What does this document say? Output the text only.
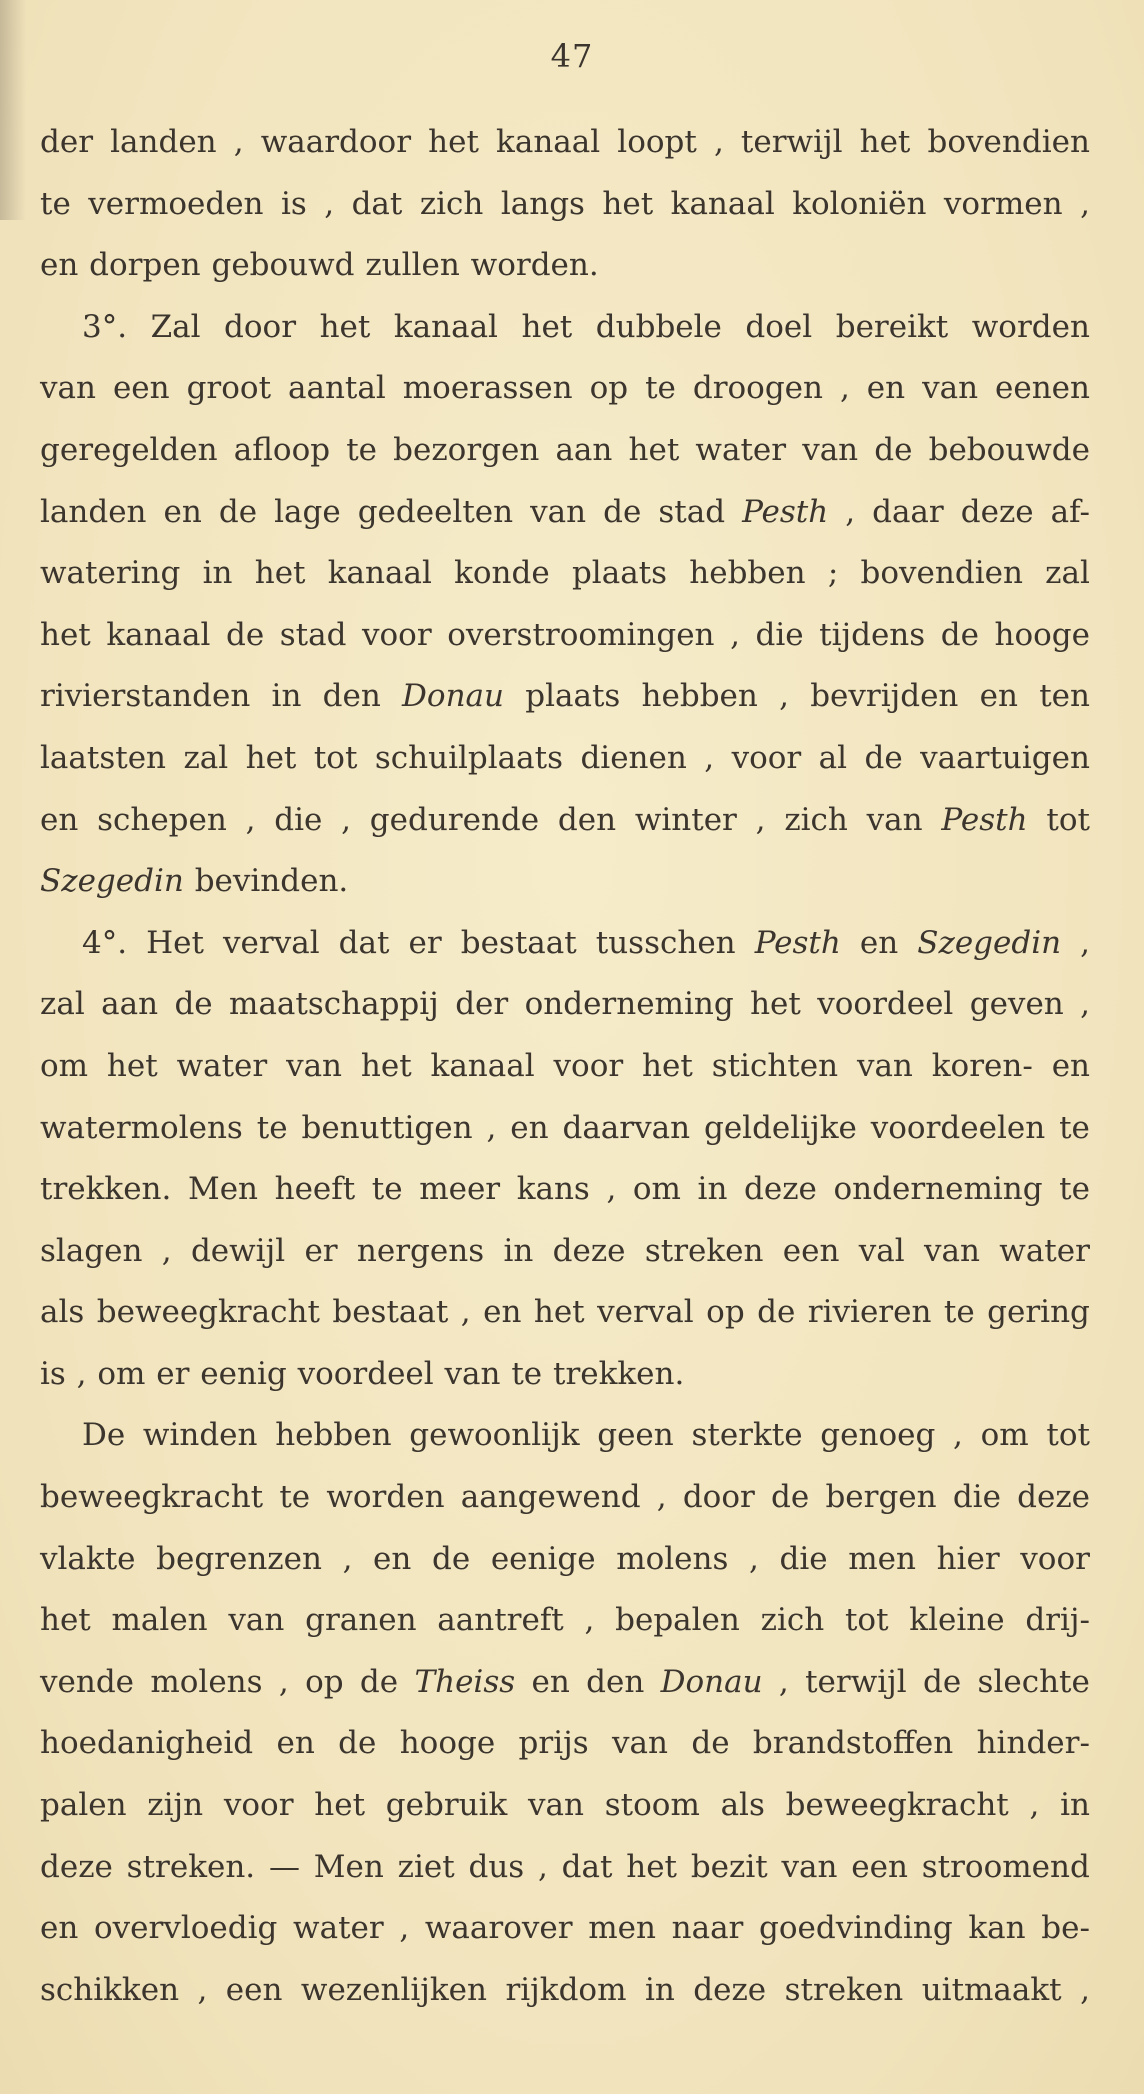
47
der landen , waardoor het kanaal loopt , terwijl het bovendien
te vermoeden is , dat zich langs het kanaal koloniën vormen ,
en dorpen gebouwd zullen worden.
3°. Zal door het kanaal het dubbele doel bereikt worden
van een groot aantal moerassen op te droogen , en van eenen
geregelden afloop te bezorgen aan het water van de bebouwde
landen en de lage gedeelten van de stad Pesth , daar deze af-
watering in het kanaal konde plaats hebben ; bovendien zal
het kanaal de stad voor overstroomingen , die tijdens de hooge
rivierstanden in den Donau plaats hebben , bevrijden en ten
laatsten zal het tot schuilplaats dienen , voor al de vaartuigen
en schepen , die , gedurende den winter , zich van Pesth tot
Szegedin bevinden.
4°. Het verval dat er bestaat tusschen Pesth en Szegedin ,
zal aan de maatschappij der onderneming het voordeel geven ,
om het water van het kanaal voor het stichten van koren- en
watermolens te benuttigen , en daarvan geldelijke voordeelen te
trekken. Men heeft te meer kans , om in deze onderneming te
slagen , dewijl er nergens in deze streken een val van water
als beweegkracht bestaat , en het verval op de rivieren te gering
is , om er eenig voordeel van te trekken.
De winden hebben gewoonlijk geen sterkte genoeg , om tot
beweegkracht te worden aangewend , door de bergen die deze
vlakte begrenzen , en de eenige molens , die men hier voor
het malen van granen aantreft , bepalen zich tot kleine drij-
vende molens , op de Theiss en den Donau , terwijl de slechte
hoedanigheid en de hooge prijs van de brandstoffen hinder-
palen zijn voor het gebruik van stoom als beweegkracht , in
deze streken. — Men ziet dus , dat het bezit van een stroomend
en overvloedig water , waarover men naar goedvinding kan be-
schikken , een wezenlijken rijkdom in deze streken uitmaakt ,
